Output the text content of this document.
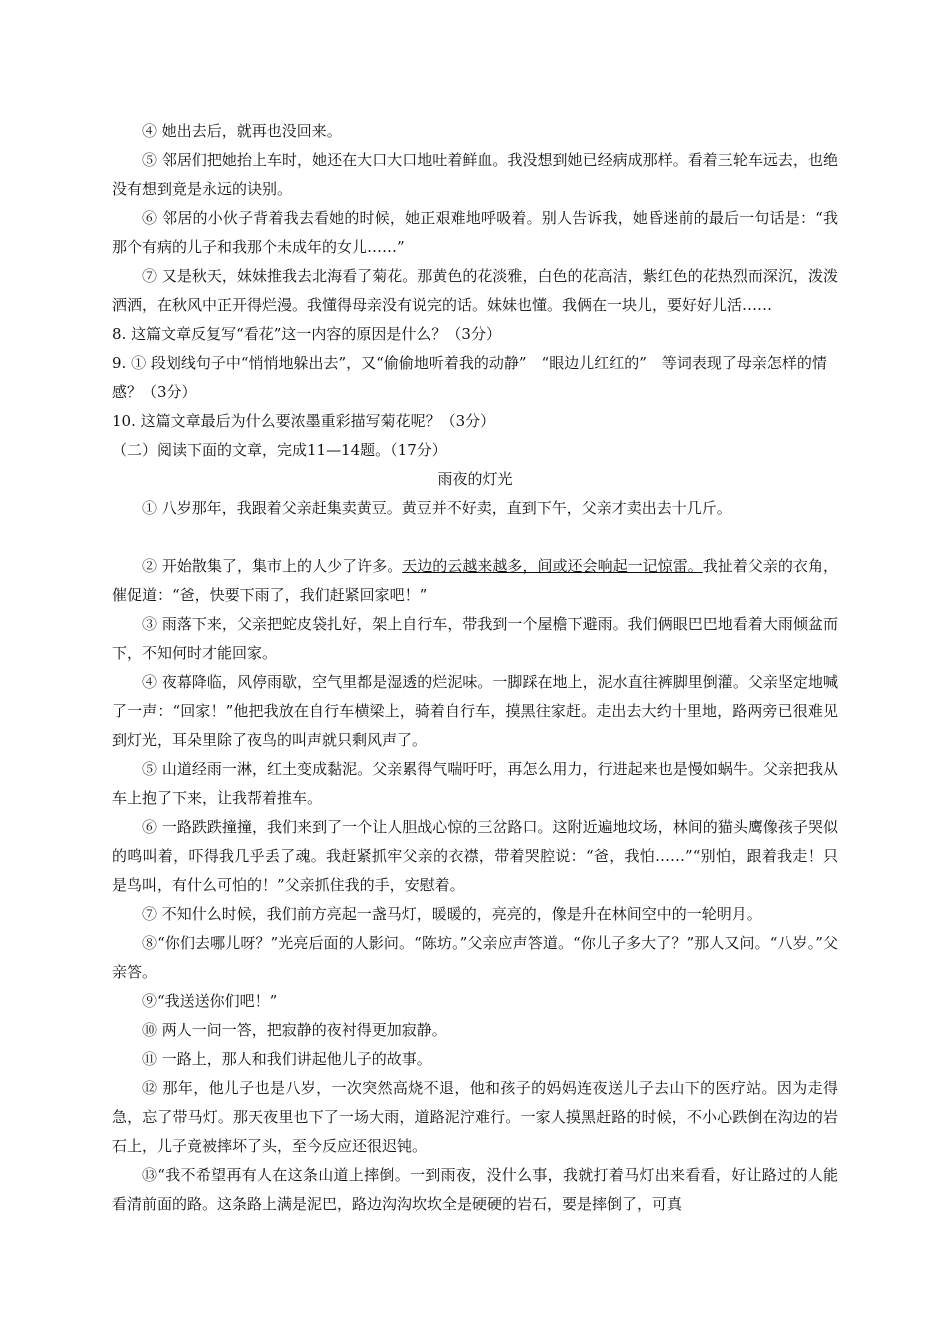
④ 她出去后，就再也没回来。

⑤ 邻居们把她抬上车时，她还在大口大口地吐着鲜血。我没想到她已经病成那样。看着三轮车远去，也绝没有想到竟是永远的诀别。

⑥ 邻居的小伙子背着我去看她的时候，她正艰难地呼吸着。别人告诉我，她昏迷前的最后一句话是：“我那个有病的儿子和我那个未成年的女儿……”

⑦ 又是秋天，妹妹推我去北海看了菊花。那黄色的花淡雅，白色的花高洁，紫红色的花热烈而深沉，泼泼洒洒，在秋风中正开得烂漫。我懂得母亲没有说完的话。妹妹也懂。我俩在一块儿，要好好儿活……

8. 这篇文章反复写“看花”这一内容的原因是什么？（3分）

9. ① 段划线句子中“悄悄地躲出去”，又“偷偷地听着我的动静”　“眼边儿红红的”　等词表现了母亲怎样的情感？（3分）

10. 这篇文章最后为什么要浓墨重彩描写菊花呢？（3分）

（二）阅读下面的文章，完成11—14题。（17分）

雨夜的灯光

① 八岁那年，我跟着父亲赶集卖黄豆。黄豆并不好卖，直到下午，父亲才卖出去十几斤。

② 开始散集了，集市上的人少了许多。天边的云越来越多，间或还会响起一记惊雷。我扯着父亲的衣角，催促道：“爸，快要下雨了，我们赶紧回家吧！”

③ 雨落下来，父亲把蛇皮袋扎好，架上自行车，带我到一个屋檐下避雨。我们俩眼巴巴地看着大雨倾盆而下，不知何时才能回家。

④ 夜幕降临，风停雨歇，空气里都是湿透的烂泥味。一脚踩在地上，泥水直往裤脚里倒灌。父亲坚定地喊了一声：“回家！”他把我放在自行车横梁上，骑着自行车，摸黑往家赶。走出去大约十里地，路两旁已很难见到灯光，耳朵里除了夜鸟的叫声就只剩风声了。

⑤ 山道经雨一淋，红土变成黏泥。父亲累得气喘吁吁，再怎么用力，行进起来也是慢如蜗牛。父亲把我从车上抱了下来，让我帮着推车。

⑥ 一路跌跌撞撞，我们来到了一个让人胆战心惊的三岔路口。这附近遍地坟场，林间的猫头鹰像孩子哭似的鸣叫着，吓得我几乎丢了魂。我赶紧抓牢父亲的衣襟，带着哭腔说：“爸，我怕……”“别怕，跟着我走！只是鸟叫，有什么可怕的！”父亲抓住我的手，安慰着。

⑦ 不知什么时候，我们前方亮起一盏马灯，暖暖的，亮亮的，像是升在林间空中的一轮明月。

⑧“你们去哪儿呀？”光亮后面的人影问。“陈坊。”父亲应声答道。“你儿子多大了？”那人又问。“八岁。”父亲答。

⑨“我送送你们吧！”

⑩ 两人一问一答，把寂静的夜衬得更加寂静。

⑪ 一路上，那人和我们讲起他儿子的故事。

⑫ 那年，他儿子也是八岁，一次突然高烧不退，他和孩子的妈妈连夜送儿子去山下的医疗站。因为走得急，忘了带马灯。那天夜里也下了一场大雨，道路泥泞难行。一家人摸黑赶路的时候，不小心跌倒在沟边的岩石上，儿子竟被摔坏了头，至今反应还很迟钝。

⑬“我不希望再有人在这条山道上摔倒。一到雨夜，没什么事，我就打着马灯出来看看，好让路过的人能看清前面的路。这条路上满是泥巴，路边沟沟坎坎全是硬硬的岩石，要是摔倒了，可真
